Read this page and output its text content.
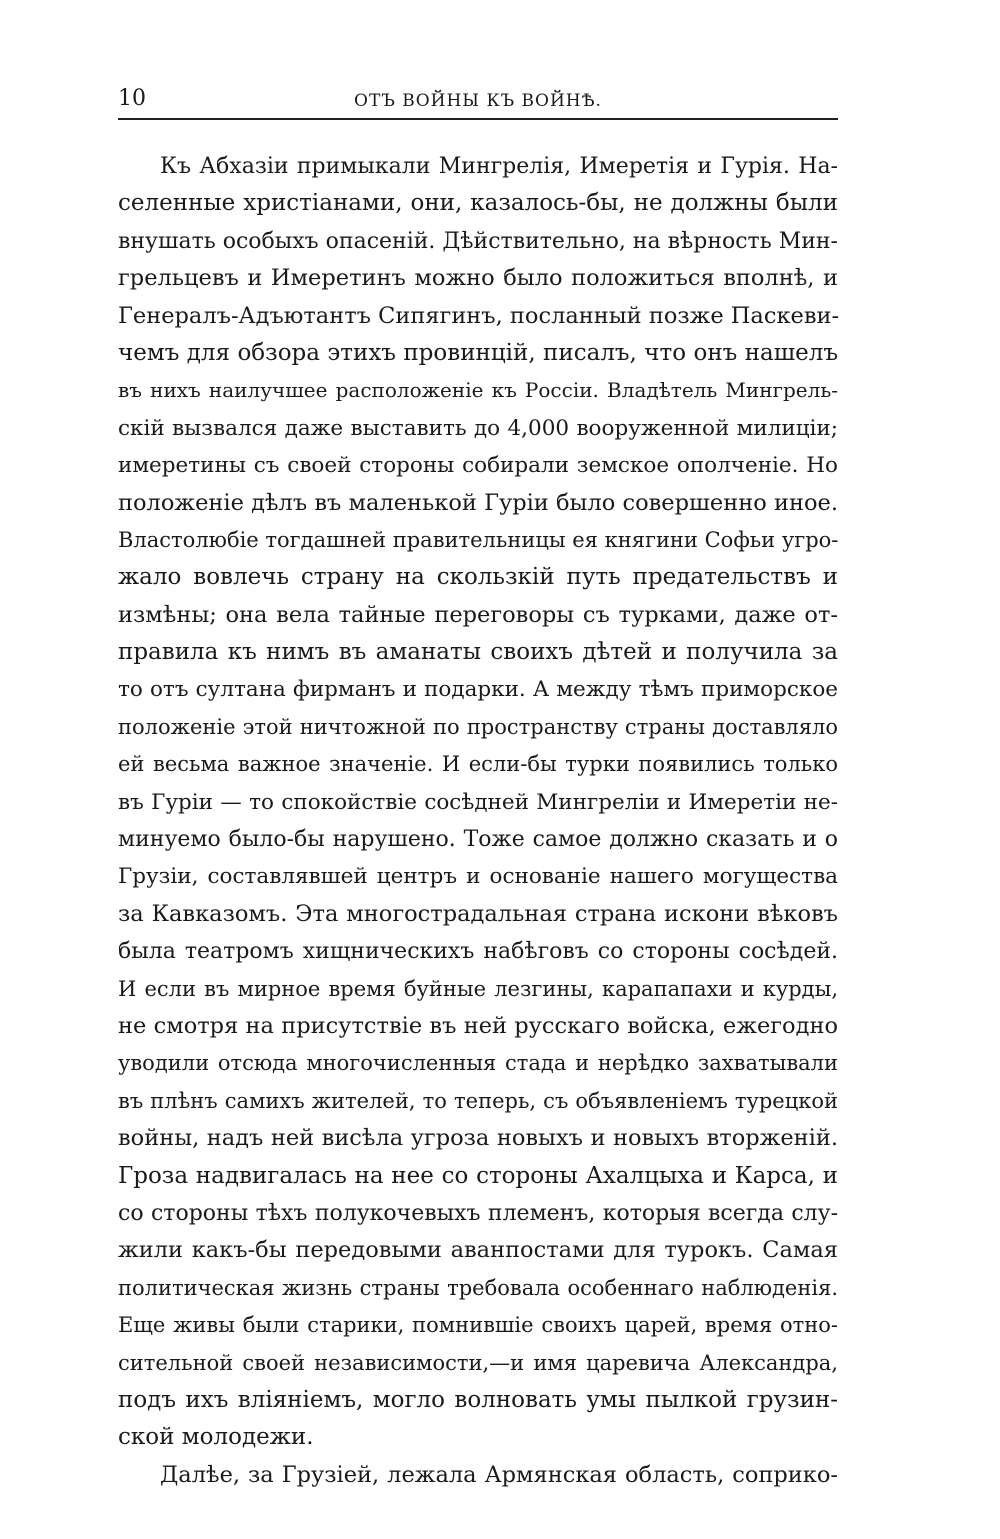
10	ОТЪ ВОЙНЫ КЪ ВОЙНѢ.
Къ Абхазіи примыкали Мингрелія, Имеретія и Гурія. На-
селенные христіанами, они, казалось-бы, не должны были
внушать особыхъ опасеній. Дѣйствительно, на вѣрность Мин-
грельцевъ и Имеретинъ можно было положиться вполнѣ, и
Генералъ-Адъютантъ Сипягинъ, посланный позже Паскеви-
чемъ для обзора этихъ провинцій, писалъ, что онъ нашелъ
въ нихъ наилучшее расположеніе къ Россіи. Владѣтель Мингрель-
скій вызвался даже выставить до 4,000 вооруженной милиціи;
имеретины съ своей стороны собирали земское ополченіе. Но
положеніе дѣлъ въ маленькой Гуріи было совершенно иное.
Властолюбіе тогдашней правительницы ея княгини Софьи угро-
жало вовлечь страну на скользкій путь предательствъ и
измѣны; она вела тайные переговоры съ турками, даже от-
правила къ нимъ въ аманаты своихъ дѣтей и получила за
то отъ султана фирманъ и подарки. А между тѣмъ приморское
положеніе этой ничтожной по пространству страны доставляло
ей весьма важное значеніе. И если-бы турки появились только
въ Гуріи — то спокойствіе сосѣдней Мингреліи и Имеретіи не-
минуемо было-бы нарушено. Тоже самое должно сказать и о
Грузіи, составлявшей центръ и основаніе нашего могущества
за Кавказомъ. Эта многострадальная страна искони вѣковъ
была театромъ хищническихъ набѣговъ со стороны сосѣдей.
И если въ мирное время буйные лезгины, карапапахи и курды,
не смотря на присутствіе въ ней русскаго войска, ежегодно
уводили отсюда многочисленныя стада и нерѣдко захватывали
въ плѣнъ самихъ жителей, то теперь, съ объявленіемъ турецкой
войны, надъ ней висѣла угроза новыхъ и новыхъ вторженій.
Гроза надвигалась на нее со стороны Ахалцыха и Карса, и
со стороны тѣхъ полукочевыхъ племенъ, которыя всегда слу-
жили какъ-бы передовыми аванпостами для турокъ. Самая
политическая жизнь страны требовала особеннаго наблюденія.
Еще живы были старики, помнившіе своихъ царей, время отно-
сительной своей независимости,—и имя царевича Александра,
подъ ихъ вліяніемъ, могло волновать умы пылкой грузин-
ской молодежи.
Далѣе, за Грузіей, лежала Армянская область, соприко-
